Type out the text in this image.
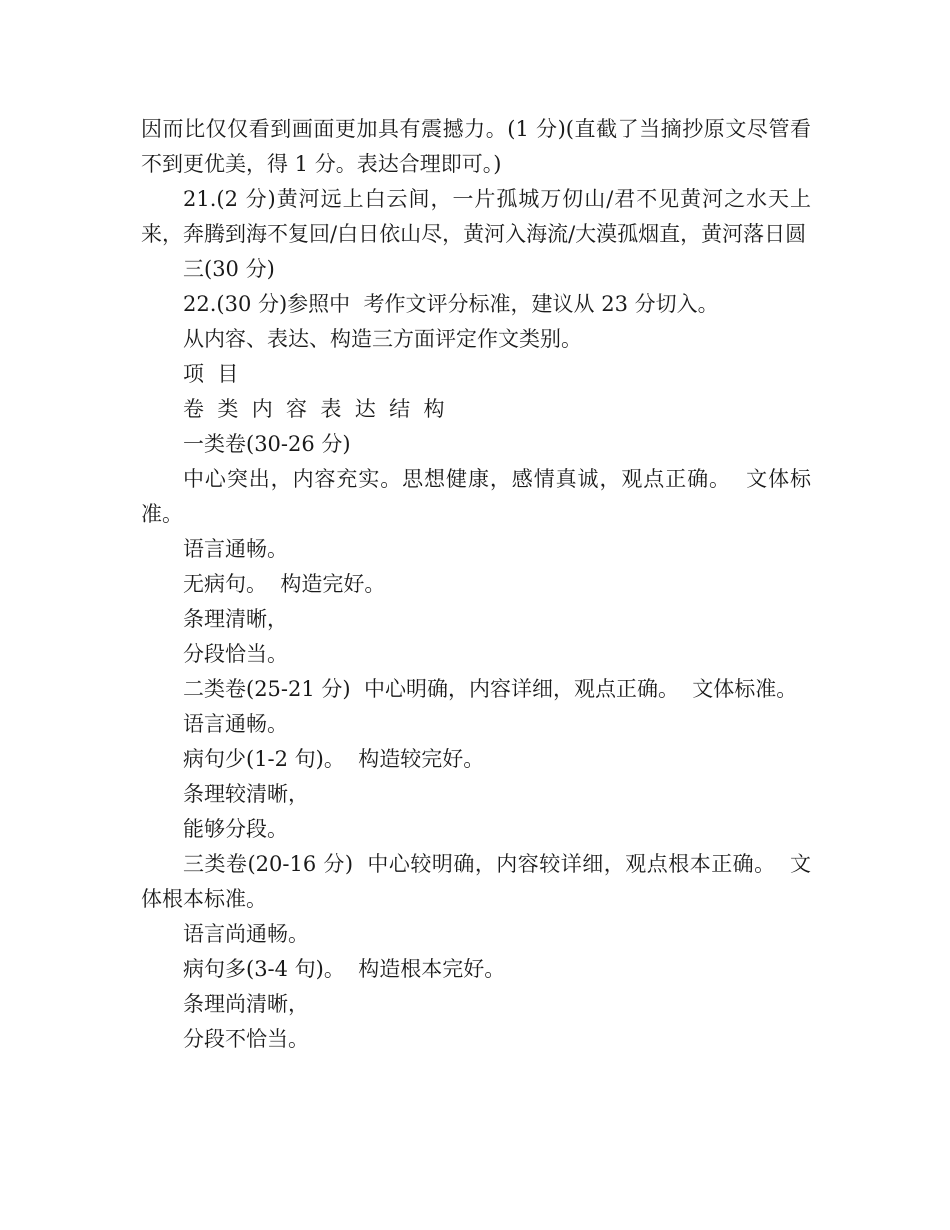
因而比仅仅看到画面更加具有震撼力。(1 分)(直截了当摘抄原文尽管看不到更优美，得 1 分。表达合理即可。)

21.(2 分)黄河远上白云间，一片孤城万仞山/君不见黄河之水天上来，奔腾到海不复回/白日依山尽，黄河入海流/大漠孤烟直，黄河落日圆

三(30 分)

22.(30 分)参照中  考作文评分标准，建议从 23 分切入。

从内容、表达、构造三方面评定作文类别。

项  目

卷  类  内  容  表  达  结  构

一类卷(30-26 分)

中心突出，内容充实。思想健康，感情真诚，观点正确。  文体标准。

语言通畅。

无病句。  构造完好。

条理清晰，

分段恰当。

二类卷(25-21 分)  中心明确，内容详细，观点正确。  文体标准。

语言通畅。

病句少(1-2 句)。  构造较完好。

条理较清晰，

能够分段。

三类卷(20-16 分)  中心较明确，内容较详细，观点根本正确。  文体根本标准。

语言尚通畅。

病句多(3-4 句)。  构造根本完好。

条理尚清晰，

分段不恰当。
